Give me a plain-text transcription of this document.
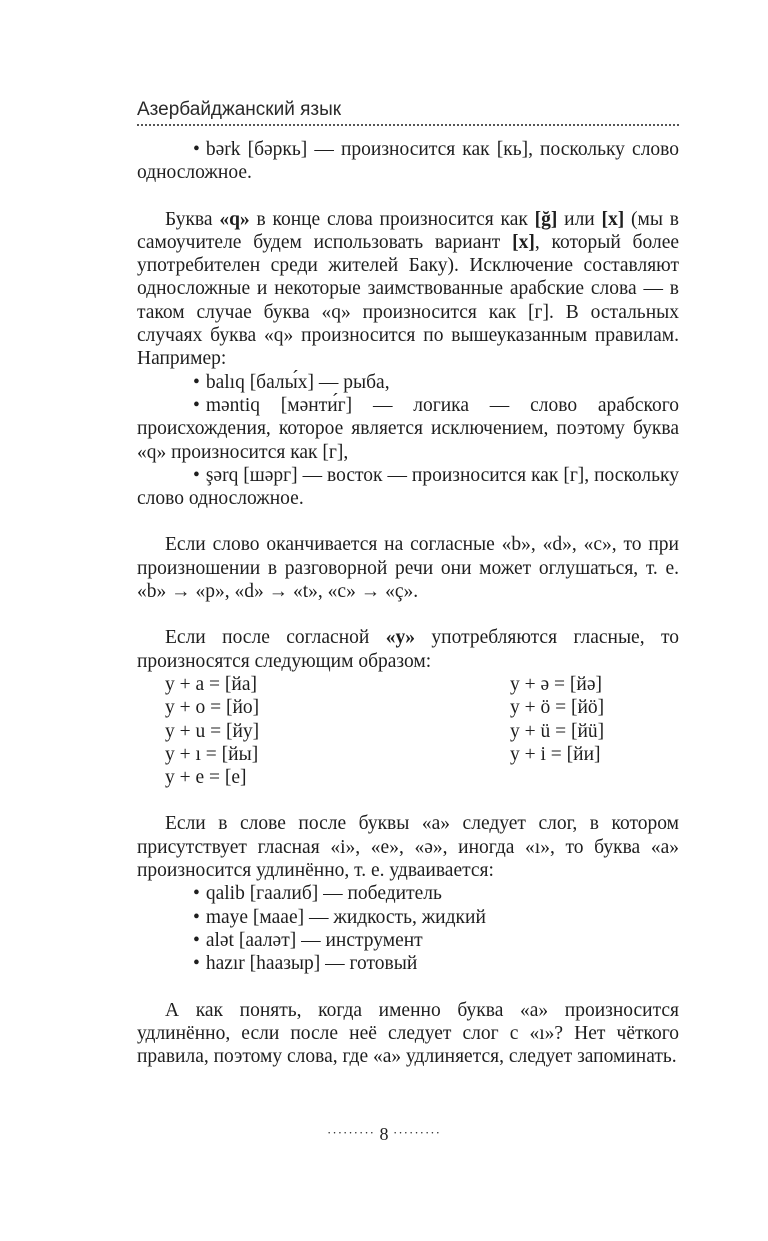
Азербайджанский язык
• bərk [бәркь] — произносится как [кь], поскольку слово односложное.

Буква «q» в конце слова произносится как [ğ] или [х] (мы в самоучителе будем использовать вариант [х], который более употребителен среди жителей Баку). Исключение составляют односложные и некоторые заимствованные арабские слова — в таком случае буква «q» произносится как [г]. В остальных случаях буква «q» произносится по вышеуказанным правилам. Например:

• balıq [балы́х] — рыба,
• məntiq [мәнти́г] — логика — слово арабского происхождения, которое является исключением, поэтому буква «q» произносится как [г],
• şərq [шәрг] — восток — произносится как [г], поскольку слово односложное.

Если слово оканчивается на согласные «b», «d», «c», то при произношении в разговорной речи они может оглушаться, т. е. «b» → «p», «d» → «t», «c» → «ç».

Если после согласной «y» употребляются гласные, то произносятся следующим образом:

y + a = [йа]	y + ə = [йә]
y + o = [йо]	y + ö = [йö]
y + u = [йу]	y + ü = [йü]
y + ı = [йы]	y + i = [йи]
y + e = [е]

Если в слове после буквы «a» следует слог, в котором присутствует гласная «i», «e», «ə», иногда «ı», то буква «a» произносится удлинённо, т. е. удваивается:

• qalib [гаалиб] — победитель
• maye [маае] — жидкость, жидкий
• alət [аалəт] — инструмент
• hazır [haазыр] — готовый

А как понять, когда именно буква «a» произносится удлинённо, если после неё следует слог с «ı»? Нет чёткого правила, поэтому слова, где «a» удлиняется, следует запоминать.

········· 8 ·········
